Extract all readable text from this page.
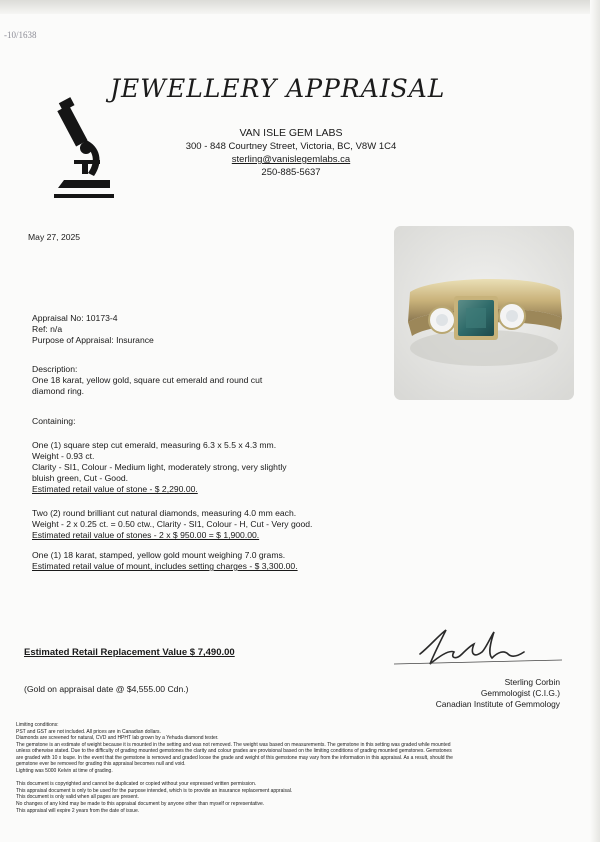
-10/1638
JEWELLERY APPRAISAL
VAN ISLE GEM LABS
300 - 848 Courtney Street, Victoria, BC, V8W 1C4
sterling@vanislegemlabs.ca
250-885-5637
May 27, 2025
Appraisal No: 10173-4
Ref: n/a
Purpose of Appraisal: Insurance
Description:
One 18 karat, yellow gold, square cut emerald and round cut
diamond ring.
Containing:
One (1) square step cut emerald, measuring 6.3 x 5.5 x 4.3 mm.
Weight - 0.93 ct.
Clarity - SI1, Colour - Medium light, moderately strong, very slightly
bluish green, Cut - Good.
Estimated retail value of stone - $ 2,290.00.
Two (2) round brilliant cut natural diamonds, measuring 4.0 mm each.
Weight - 2 x 0.25 ct. = 0.50 ctw., Clarity - SI1, Colour - H, Cut - Very good.
Estimated retail value of stones - 2 x $ 950.00 = $ 1,900.00.
One (1) 18 karat, stamped, yellow gold mount weighing 7.0 grams.
Estimated retail value of mount, includes setting charges - $ 3,300.00.
Estimated Retail Replacement Value $ 7,490.00
(Gold on appraisal date @ $4,555.00 Cdn.)
Sterling Corbin
Gemmologist (C.I.G.)
Canadian Institute of Gemmology
Limiting conditions:
PST and GST are not included. All prices are in Canadian dollars.
Diamonds are screened for natural, CVD and HPHT lab grown by a Yehuda diamond tester.
The gemstone is an estimate of weight because it is mounted in the setting and was not removed. The weight was based on measurements. The gemstone in this setting was graded while mounted
unless otherwise stated. Due to the difficulty of grading mounted gemstones the clarity and colour grades are provisional based on the limiting conditions of grading mounted gemstones. Gemstones
are graded with 10 x loupe. In the event that the gemstone is removed and graded loose the grade and weight of this gemstone may vary from the information in this appraisal. As a result, should the
gemstone ever be removed for grading this appraisal becomes null and void.
Lighting was 5000 Kelvin at time of grading.
This document is copyrighted and cannot be duplicated or copied without your expressed written permission.
This appraisal document is only to be used for the purpose intended, which is to provide an insurance replacement appraisal.
This document is only valid when all pages are present.
No changes of any kind may be made to this appraisal document by anyone other than myself or representative.
This appraisal will expire 2 years from the date of issue.
